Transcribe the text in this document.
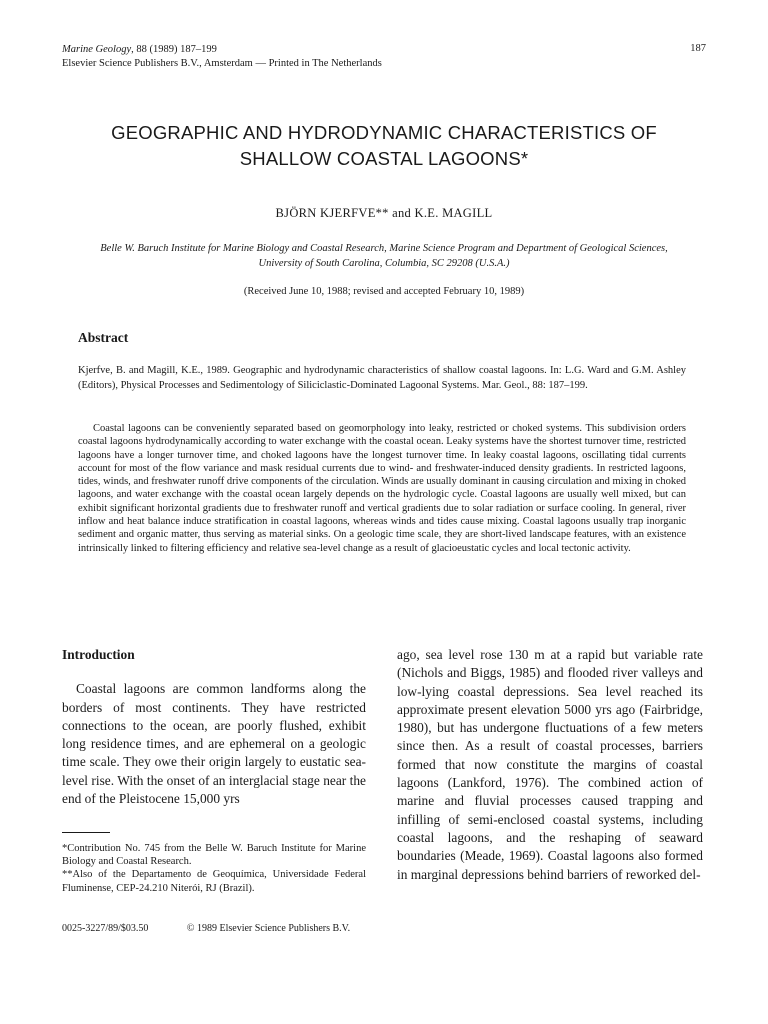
Marine Geology, 88 (1989) 187–199
Elsevier Science Publishers B.V., Amsterdam — Printed in The Netherlands
187
GEOGRAPHIC AND HYDRODYNAMIC CHARACTERISTICS OF
SHALLOW COASTAL LAGOONS*
BJÖRN KJERFVE** and K.E. MAGILL
Belle W. Baruch Institute for Marine Biology and Coastal Research, Marine Science Program and Department of Geological Sciences, University of South Carolina, Columbia, SC 29208 (U.S.A.)
(Received June 10, 1988; revised and accepted February 10, 1989)
Abstract
Kjerfve, B. and Magill, K.E., 1989. Geographic and hydrodynamic characteristics of shallow coastal lagoons. In: L.G. Ward and G.M. Ashley (Editors), Physical Processes and Sedimentology of Siliciclastic-Dominated Lagoonal Systems. Mar. Geol., 88: 187–199.
Coastal lagoons can be conveniently separated based on geomorphology into leaky, restricted or choked systems. This subdivision orders coastal lagoons hydrodynamically according to water exchange with the coastal ocean. Leaky systems have the shortest turnover time, restricted lagoons have a longer turnover time, and choked lagoons have the longest turnover time. In leaky coastal lagoons, oscillating tidal currents account for most of the flow variance and mask residual currents due to wind- and freshwater-induced density gradients. In restricted lagoons, tides, winds, and freshwater runoff drive components of the circulation. Winds are usually dominant in causing circulation and mixing in choked lagoons, and water exchange with the coastal ocean largely depends on the hydrologic cycle. Coastal lagoons are usually well mixed, but can exhibit significant horizontal gradients due to freshwater runoff and vertical gradients due to solar radiation or surface cooling. In general, river inflow and heat balance induce stratification in coastal lagoons, whereas winds and tides cause mixing. Coastal lagoons usually trap inorganic sediment and organic matter, thus serving as material sinks. On a geologic time scale, they are short-lived landscape features, with an existence intrinsically linked to filtering efficiency and relative sea-level change as a result of glacioeustatic cycles and local tectonic activity.
Introduction

Coastal lagoons are common landforms along the borders of most continents. They have restricted connections to the ocean, are poorly flushed, exhibit long residence times, and are ephemeral on a geologic time scale. They owe their origin largely to eustatic sea-level rise. With the onset of an interglacial stage near the end of the Pleistocene 15,000 yrs

ago, sea level rose 130 m at a rapid but variable rate (Nichols and Biggs, 1985) and flooded river valleys and low-lying coastal depressions. Sea level reached its approximate present elevation 5000 yrs ago (Fairbridge, 1980), but has undergone fluctuations of a few meters since then. As a result of coastal processes, barriers formed that now constitute the margins of coastal lagoons (Lankford, 1976). The combined action of marine and fluvial processes caused trapping and infilling of semi-enclosed coastal systems, including coastal lagoons, and the reshaping of seaward boundaries (Meade, 1969). Coastal lagoons also formed in marginal depressions behind barriers of reworked del-

*Contribution No. 745 from the Belle W. Baruch Institute for Marine Biology and Coastal Research.

**Also of the Departamento de Geoquímica, Universidade Federal Fluminense, CEP-24.210 Niterói, RJ (Brazil).

0025-3227/89/$03.50	© 1989 Elsevier Science Publishers B.V.
